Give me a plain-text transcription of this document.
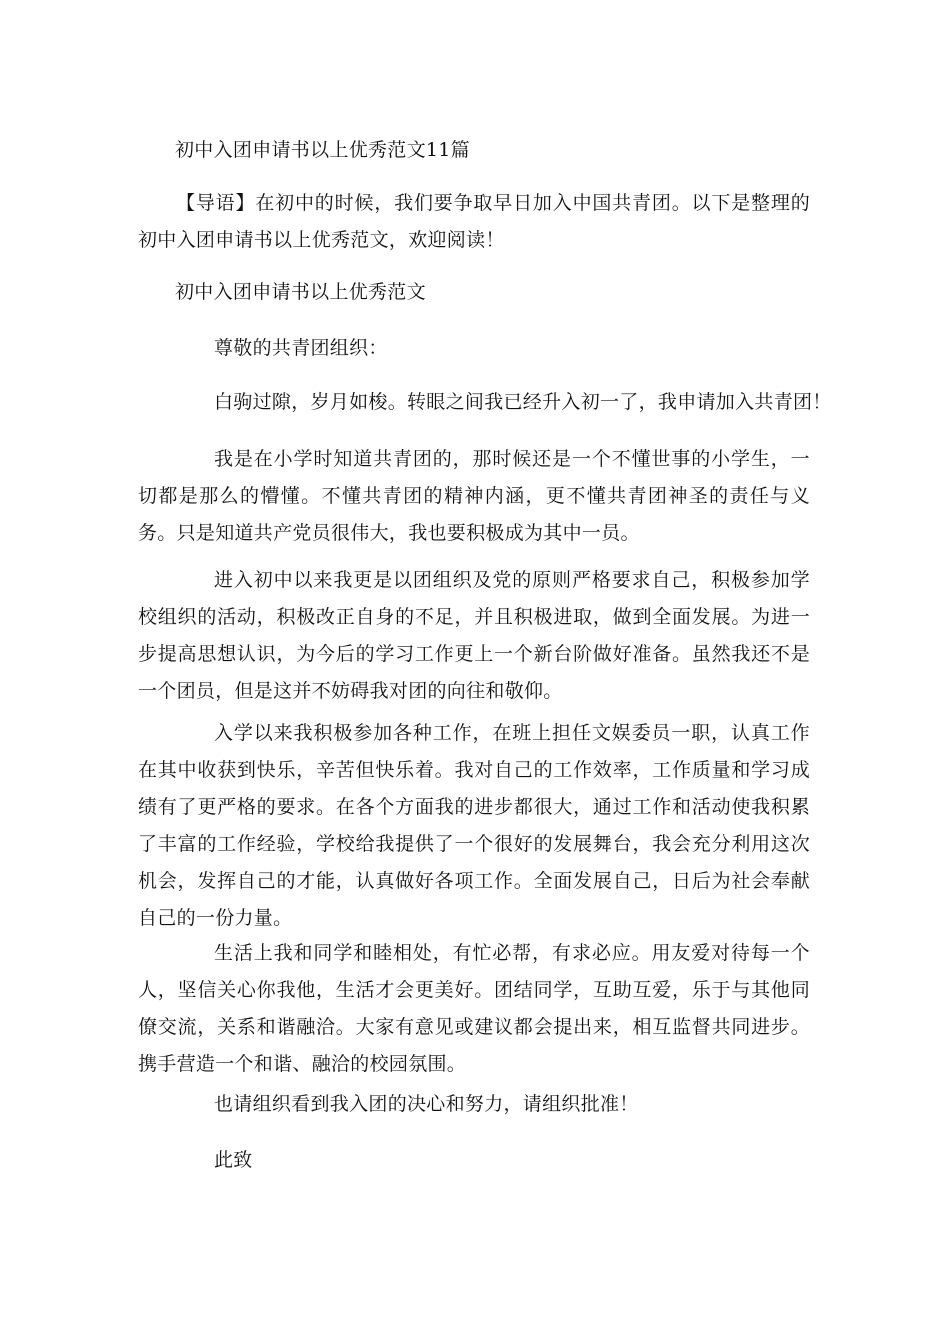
初中入团申请书以上优秀范文11篇
【导语】在初中的时候，我们要争取早日加入中国共青团。以下是整理的初中入团申请书以上优秀范文，欢迎阅读！
初中入团申请书以上优秀范文
尊敬的共青团组织：
白驹过隙，岁月如梭。转眼之间我已经升入初一了，我申请加入共青团！
我是在小学时知道共青团的，那时候还是一个不懂世事的小学生，一切都是那么的懵懂。不懂共青团的精神内涵，更不懂共青团神圣的责任与义务。只是知道共产党员很伟大，我也要积极成为其中一员。
进入初中以来我更是以团组织及党的原则严格要求自己，积极参加学校组织的活动，积极改正自身的不足，并且积极进取，做到全面发展。为进一步提高思想认识，为今后的学习工作更上一个新台阶做好准备。虽然我还不是一个团员，但是这并不妨碍我对团的向往和敬仰。
入学以来我积极参加各种工作，在班上担任文娱委员一职，认真工作在其中收获到快乐，辛苦但快乐着。我对自己的工作效率，工作质量和学习成绩有了更严格的要求。在各个方面我的进步都很大，通过工作和活动使我积累了丰富的工作经验，学校给我提供了一个很好的发展舞台，我会充分利用这次机会，发挥自己的才能，认真做好各项工作。全面发展自己，日后为社会奉献自己的一份力量。
生活上我和同学和睦相处，有忙必帮，有求必应。用友爱对待每一个人，坚信关心你我他，生活才会更美好。团结同学，互助互爱，乐于与其他同僚交流，关系和谐融洽。大家有意见或建议都会提出来，相互监督共同进步。携手营造一个和谐、融洽的校园氛围。
也请组织看到我入团的决心和努力，请组织批准！
此致
